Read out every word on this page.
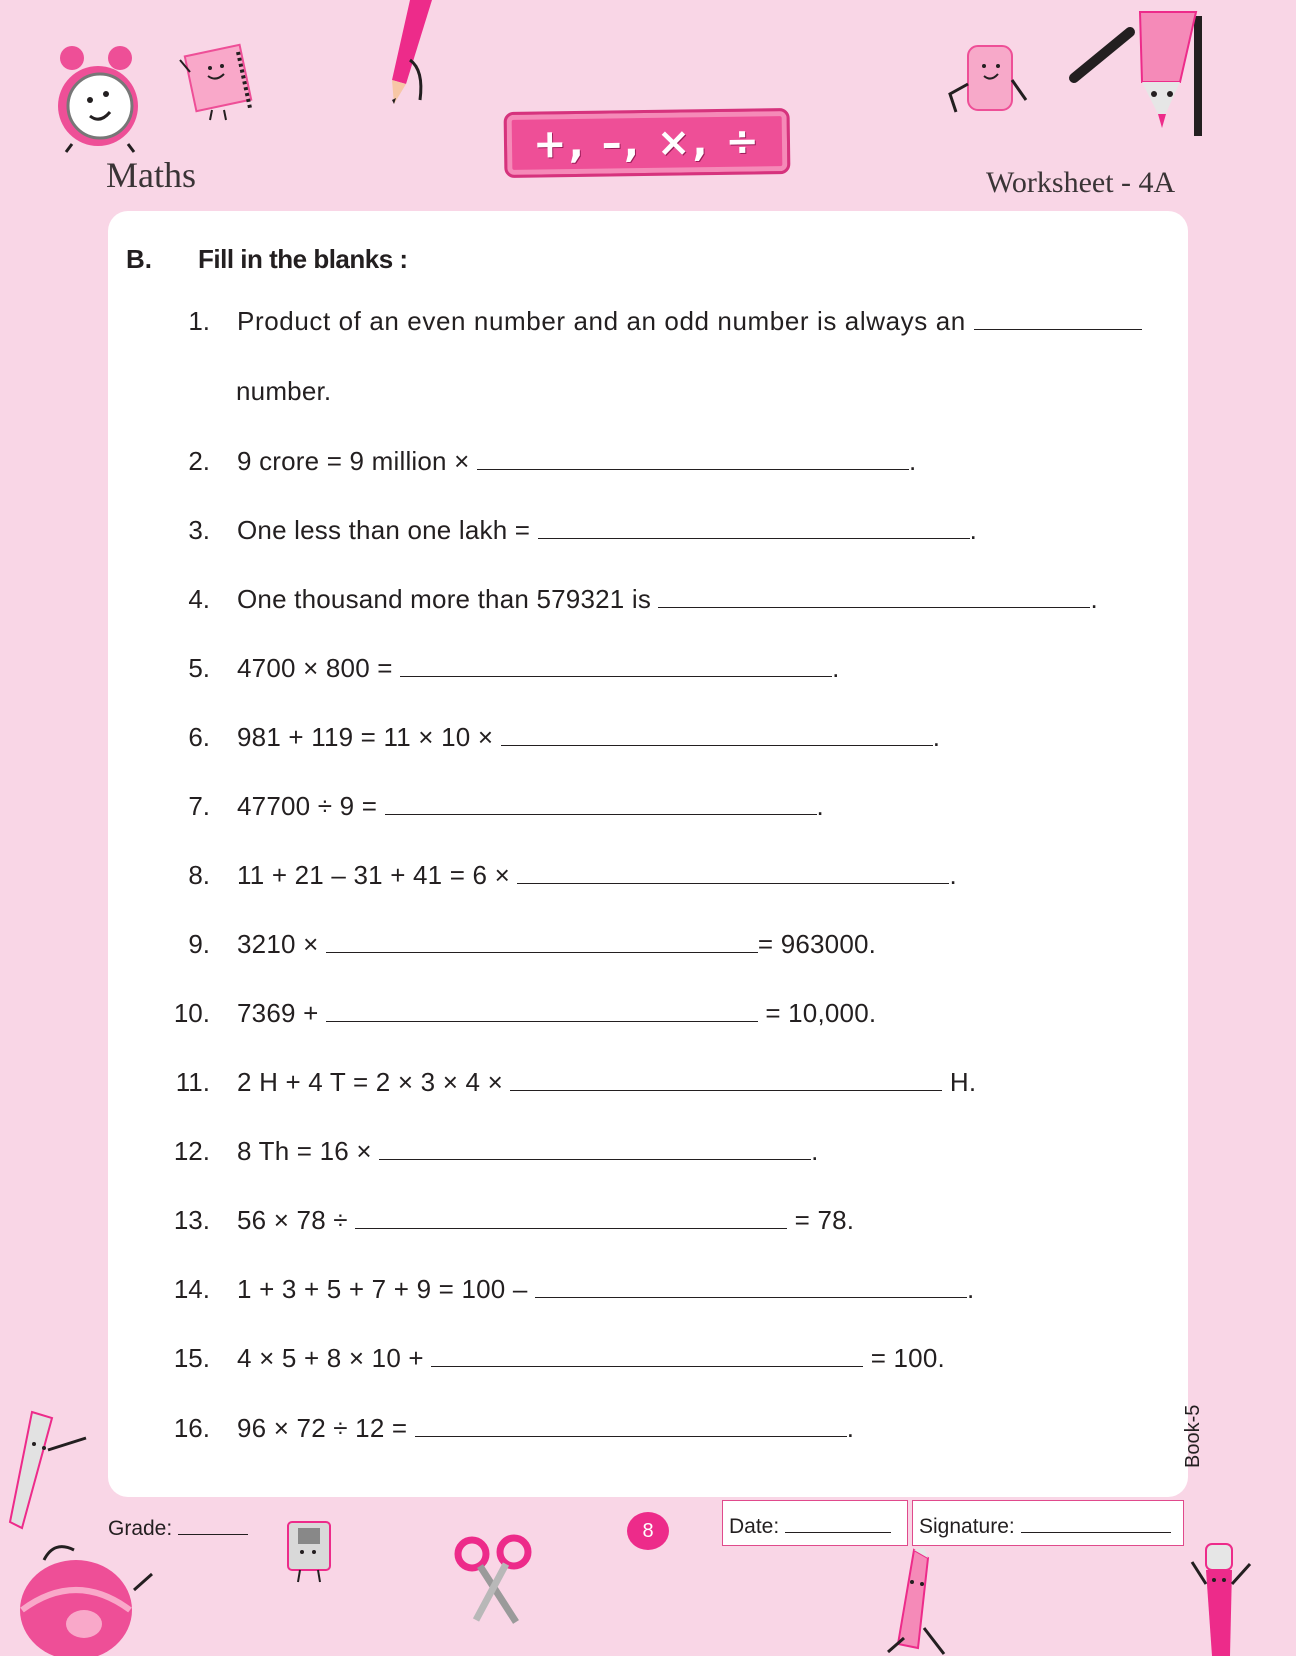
Maths
+, –, ×, ÷
Worksheet - 4A
B. Fill in the blanks :
1. Product of an even number and an odd number is always an
number.
2. 9 crore = 9 million ×	.
3. One less than one lakh =	.
4. One thousand more than 579321 is	.
5. 4700 × 800 =	.
6. 981 + 119 = 11 × 10 ×	.
7. 47700 ÷ 9 =	.
8. 11 + 21 – 31 + 41 = 6 ×	.
9. 3210 ×	= 963000.
10. 7369 +	= 10,000.
11. 2 H + 4 T = 2 × 3 × 4 ×	H.
12. 8 Th = 16 ×	.
13. 56 × 78 ÷	= 78.
14. 1 + 3 + 5 + 7 + 9 = 100 –	.
15. 4 × 5 + 8 × 10 +	= 100.
16. 96 × 72 ÷ 12 =	.	Book-5
Grade:	8	Date:	Signature:
